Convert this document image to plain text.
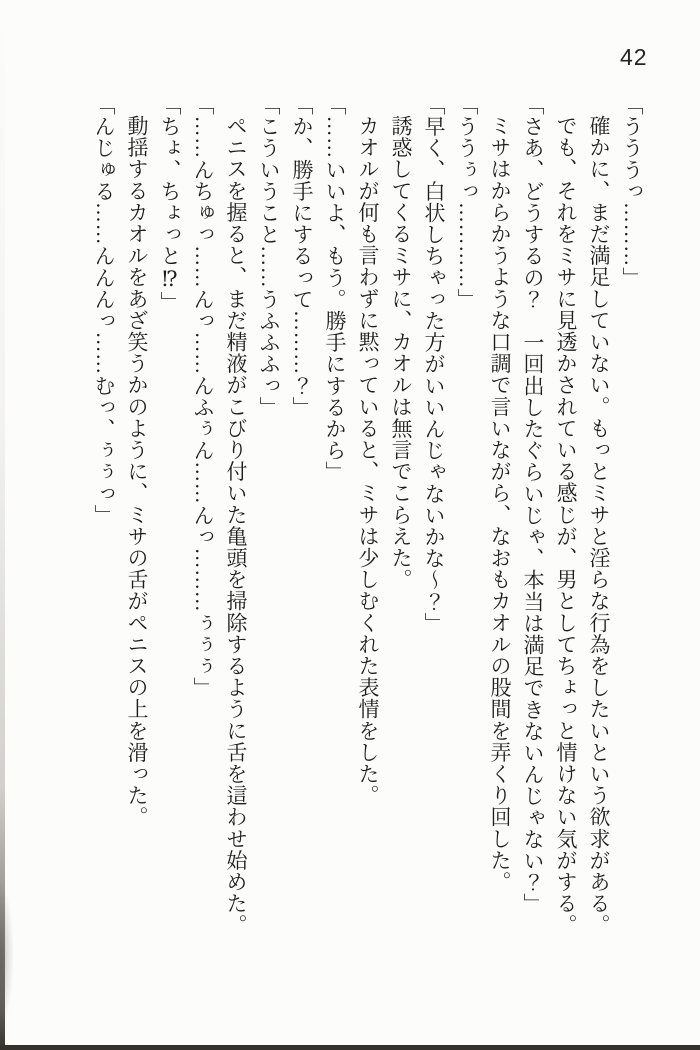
42

「うううっ………」

確かに、まだ満足していない。もっとミサと淫らな行為をしたいという欲求がある。

でも、それをミサに見透かされている感じが、男としてちょっと情けない気がする。

「さあ、どうするの？　一回出したぐらいじゃ、本当は満足できないんじゃない？」

ミサはからかうような口調で言いながら、なおもカオルの股間を弄くり回した。

「ううぅっ…………」

「早く、白状しちゃった方がいいんじゃないかな～？」

誘惑してくるミサに、カオルは無言でこらえた。

カオルが何も言わずに黙っていると、ミサは少しむくれた表情をした。

「……いいよ、もう。勝手にするから」

「か、勝手にするって………？」

「こういうこと……うふふふっ」

ペニスを握ると、まだ精液がこびり付いた亀頭を掃除するように舌を這わせ始めた。

「……んちゅっ……んっ……んふぅん……んっ………ぅぅぅ」

「ちょ、ちょっと⁉」

動揺するカオルをあざ笑うかのように、ミサの舌がペニスの上を滑った。

「んじゅる……んんんっ……むっ、ぅぅっ」
